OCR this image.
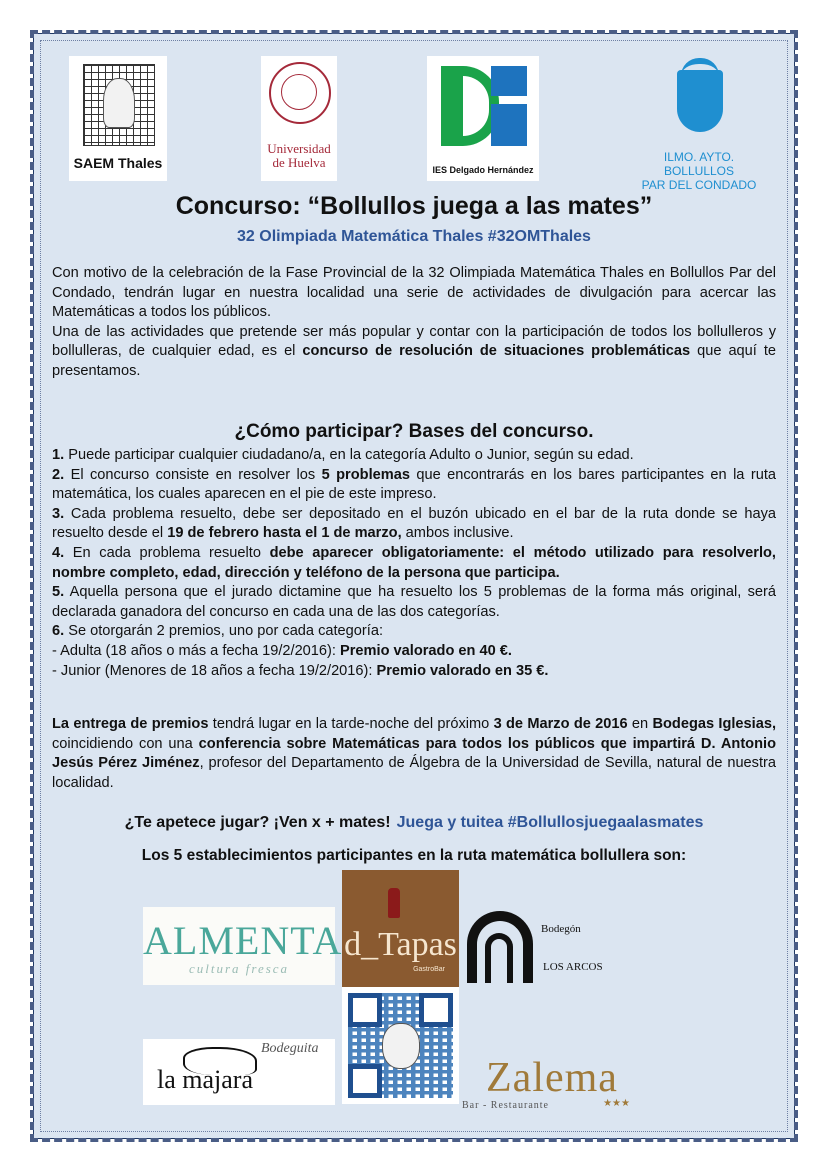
SAEM Thales
Universidad
de Huelva	IES Delgado Hernández
ILMO. AYTO. BOLLULLOS
PAR DEL CONDADO
Concurso: “Bollullos juega a las mates”
32 Olimpiada Matemática Thales #32OMThales
Con motivo de la celebración de la Fase Provincial de la 32 Olimpiada Matemática Thales en Bollullos Par del Condado, tendrán lugar en nuestra localidad una serie de actividades de divulgación para acercar las Matemáticas a todos los públicos.
Una de las actividades que pretende ser más popular y contar con la participación de todos los bollulleros y bollulleras, de cualquier edad, es el concurso de resolución de situaciones problemáticas que aquí te presentamos.
¿Cómo participar? Bases del concurso.

1. Puede participar cualquier ciudadano/a, en la categoría Adulto o Junior, según su edad.

2. El concurso consiste en resolver los 5 problemas que encontrarás en los bares participantes en la ruta matemática, los cuales aparecen en el pie de este impreso.

3. Cada problema resuelto, debe ser depositado en el buzón ubicado en el bar de la ruta donde se haya resuelto desde el 19 de febrero hasta el 1 de marzo, ambos inclusive.

4. En cada problema resuelto debe aparecer obligatoriamente: el método utilizado para resolverlo, nombre completo, edad, dirección y teléfono de la persona que participa.

5. Aquella persona que el jurado dictamine que ha resuelto los 5 problemas de la forma más original, será declarada ganadora del concurso en cada una de las dos categorías.

6. Se otorgarán 2 premios, uno por cada categoría:

- Adulta (18 años o más a fecha 19/2/2016): Premio valorado en 40 €.

- Junior (Menores de 18 años a fecha 19/2/2016): Premio valorado en 35 €.

La entrega de premios tendrá lugar en la tarde-noche del próximo 3 de Marzo de 2016 en Bodegas Iglesias, coincidiendo con una conferencia sobre Matemáticas para todos los públicos que impartirá D. Antonio Jesús Pérez Jiménez, profesor del Departamento de Álgebra de la Universidad de Sevilla, natural de nuestra localidad.
¿Te apetece jugar? ¡Ven x + mates! Juega y tuitea #Bollullosjuegaalasmates
Los 5 establecimientos participantes en la ruta matemática bollullera son:
ALMENTA
cultura fresca
d_Tapas
GastroBar
Bodegón
LOS ARCOS
Bodeguita
la majara	Zalema
Bar - Restaurante	★★★
